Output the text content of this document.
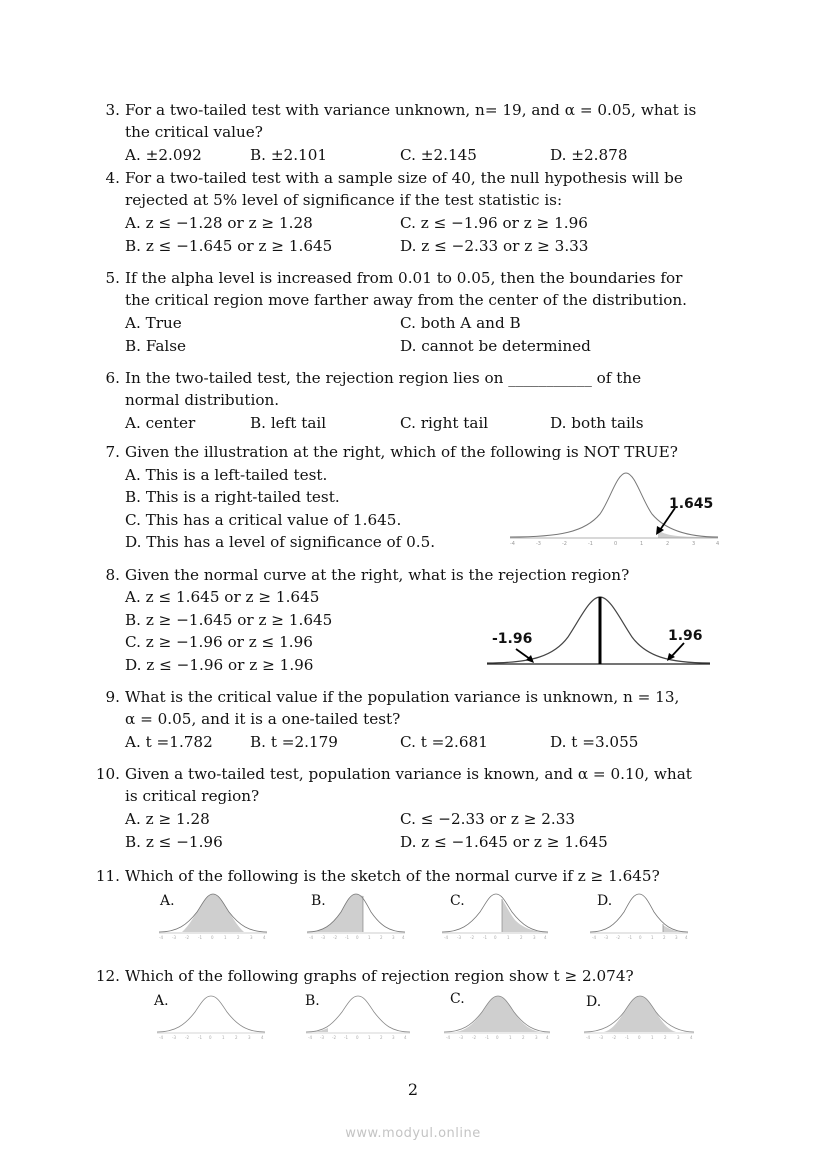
3. For a two-tailed test with variance unknown, n= 19, and α = 0.05, what is
the critical value?
A. ±2.092	B. ±2.101	C. ±2.145	D. ±2.878
4. For a two-tailed test with a sample size of 40, the null hypothesis will be
rejected at 5% level of significance if the test statistic is:
A. z ≤ −1.28 or z ≥ 1.28	C. z ≤ −1.96 or z ≥ 1.96
B. z ≤ −1.645 or z ≥ 1.645	D. z ≤ −2.33 or z ≥ 3.33
5. If the alpha level is increased from 0.01 to 0.05, then the boundaries for
the critical region move farther away from the center of the distribution.
A. True	C. both A and B
B. False	D. cannot be determined
6. In the two-tailed test, the rejection region lies on ___________ of the
normal distribution.
A. center	B. left tail	C. right tail	D. both tails
7. Given the illustration at the right, which of the following is NOT TRUE?
A. This is a left-tailed test.
B. This is a right-tailed test.
C. This has a critical value of 1.645.
D. This has a level of significance of 0.5.	-4	-3	-2	-1	0	1	2	3	4
1.645
8. Given the normal curve at the right, what is the rejection region?
A. z ≤ 1.645 or z ≥ 1.645
B. z ≥ −1.645 or z ≥ 1.645
C. z ≥ −1.96 or z ≤ 1.96
D. z ≤ −1.96 or z ≥ 1.96
-1.96	1.96
9. What is the critical value if the population variance is unknown, n = 13,
α = 0.05, and it is a one-tailed test?
A. t =1.782 B. t =2.179	C. t =2.681	D. t =3.055
10. Given a two-tailed test, population variance is known, and α = 0.10, what
is critical region?
A. z ≥ 1.28	C. ≤ −2.33 or z ≥ 2.33
B. z ≤ −1.96	D. z ≤ −1.645 or z ≥ 1.645
11. Which of the following is the sketch of the normal curve if z ≥ 1.645?
A.
-4 -3 -2 -1 0	1	2	3	4
B.
-4 -3 -2 -1 0 1 2 3 4
C.
-4 -3 -2 -1 0	1	2	3 4
D.
-4 -3 -2 -1 0 1 2 3 4
12. Which of the following graphs of rejection region show t ≥ 2.074?
A.
-4 -3 -2 -1 0	1	2	3	4
B.
-4 -3 -2 -1 0 1 2 3 4
C.
-4 -3 -2 -1 0	1	2	3 4
D.
-4 -3 -2 -1 0	1	2	3	4
2
www.modyul.online
